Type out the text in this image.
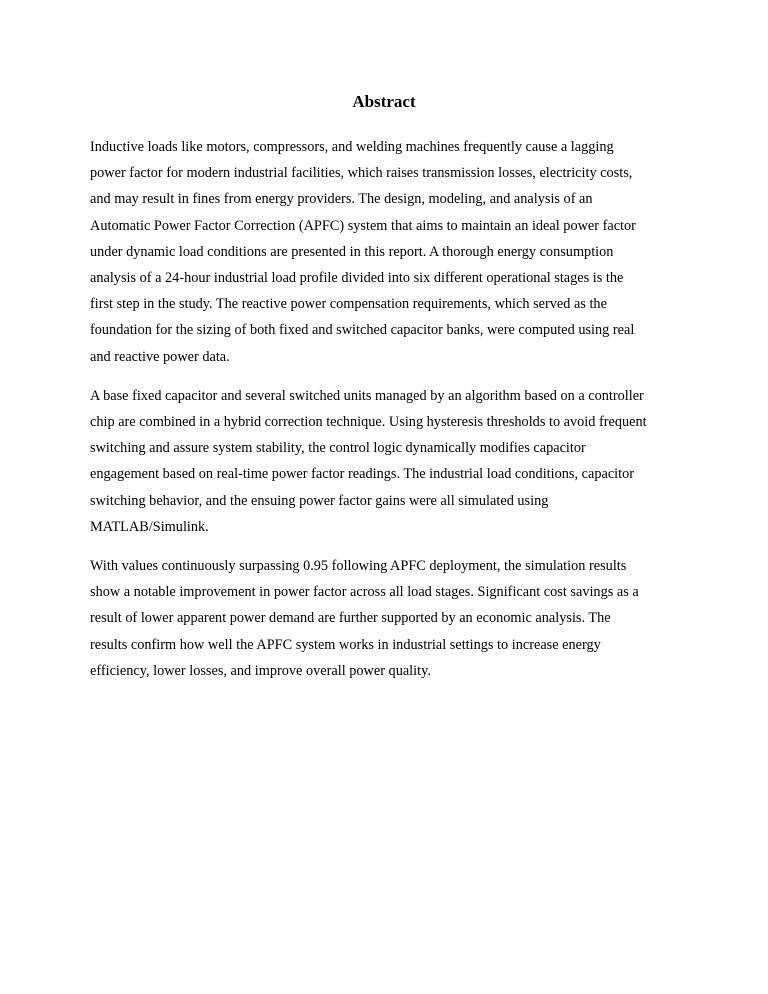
Abstract

Inductive loads like motors, compressors, and welding machines frequently cause a lagging
power factor for modern industrial facilities, which raises transmission losses, electricity costs,
and may result in fines from energy providers. The design, modeling, and analysis of an
Automatic Power Factor Correction (APFC) system that aims to maintain an ideal power factor
under dynamic load conditions are presented in this report. A thorough energy consumption
analysis of a 24-hour industrial load profile divided into six different operational stages is the
first step in the study. The reactive power compensation requirements, which served as the
foundation for the sizing of both fixed and switched capacitor banks, were computed using real
and reactive power data.

A base fixed capacitor and several switched units managed by an algorithm based on a controller
chip are combined in a hybrid correction technique. Using hysteresis thresholds to avoid frequent
switching and assure system stability, the control logic dynamically modifies capacitor
engagement based on real-time power factor readings. The industrial load conditions, capacitor
switching behavior, and the ensuing power factor gains were all simulated using
MATLAB/Simulink.

With values continuously surpassing 0.95 following APFC deployment, the simulation results
show a notable improvement in power factor across all load stages. Significant cost savings as a
result of lower apparent power demand are further supported by an economic analysis. The
results confirm how well the APFC system works in industrial settings to increase energy
efficiency, lower losses, and improve overall power quality.
